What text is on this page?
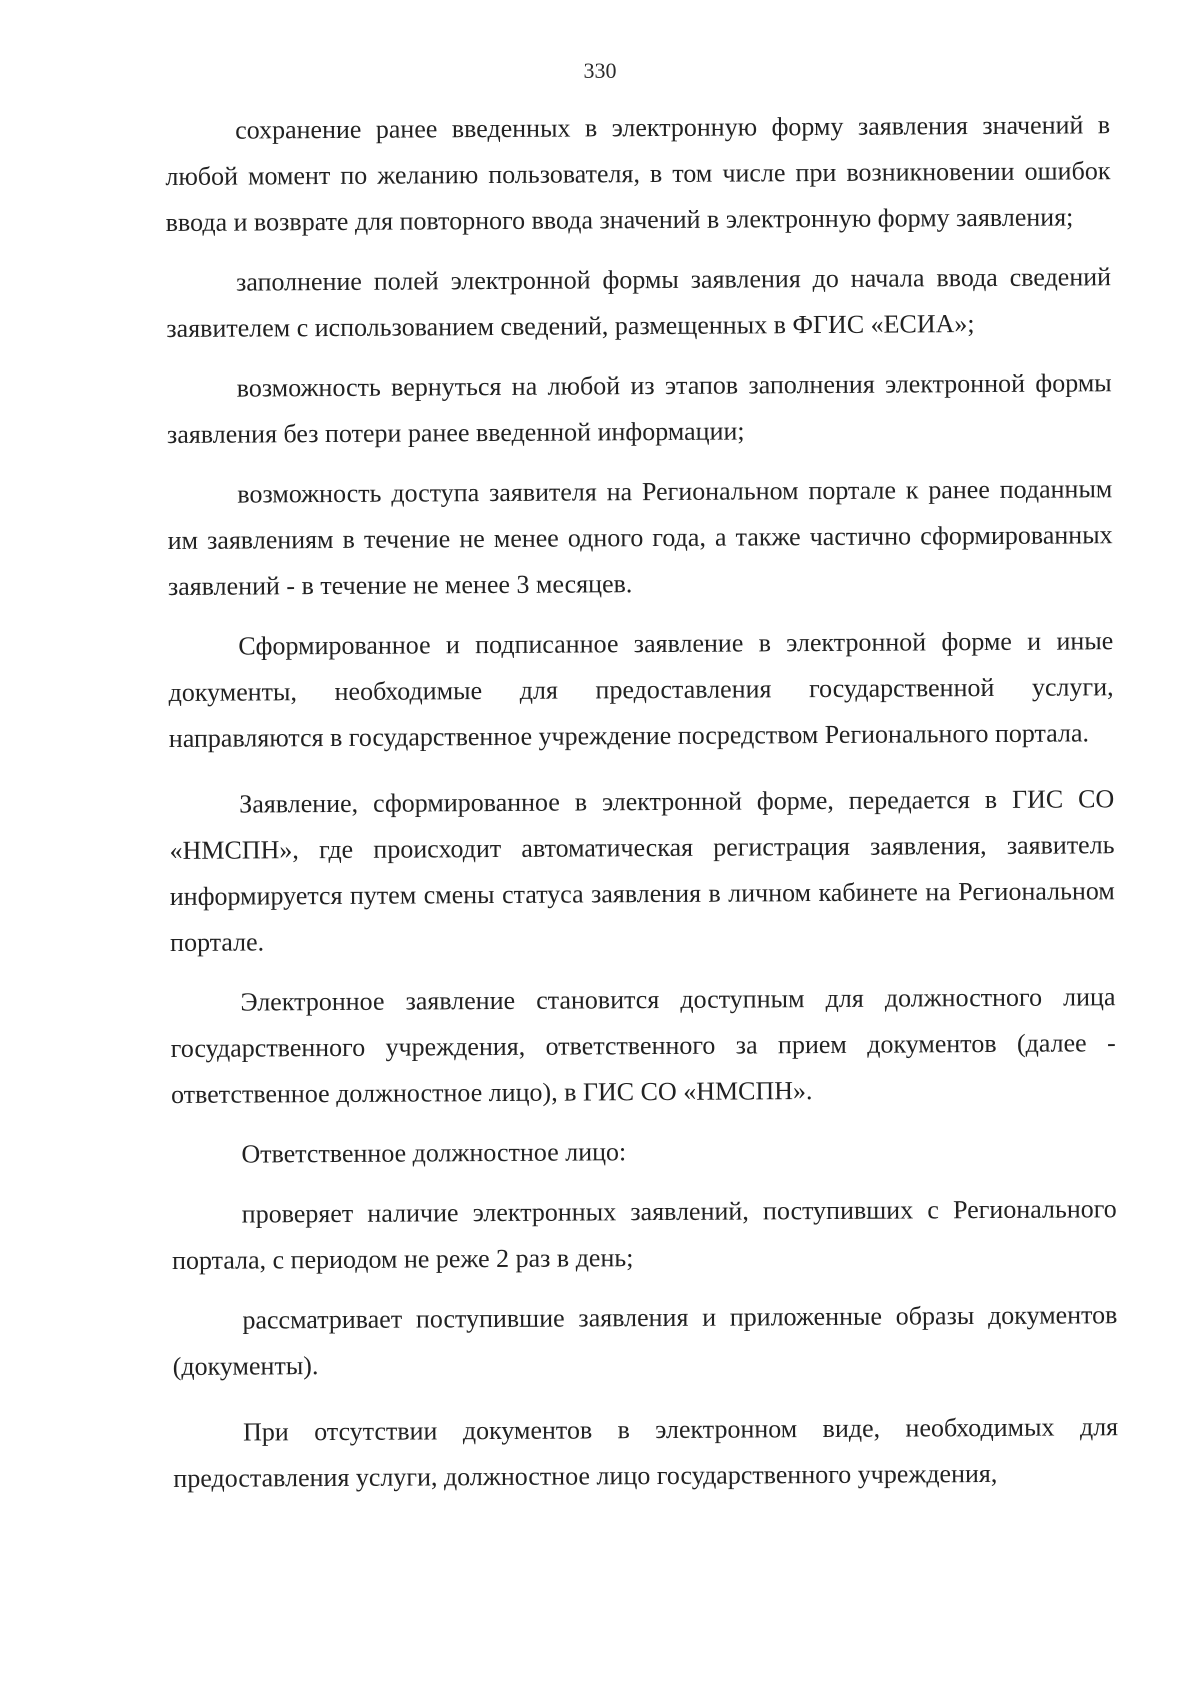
330

сохранение ранее введенных в электронную форму заявления значений в любой момент по желанию пользователя, в том числе при возникновении ошибок ввода и возврате для повторного ввода значений в электронную форму заявления;

заполнение полей электронной формы заявления до начала ввода сведений заявителем с использованием сведений, размещенных в ФГИС «ЕСИА»;

возможность вернуться на любой из этапов заполнения электронной формы заявления без потери ранее введенной информации;

возможность доступа заявителя на Региональном портале к ранее поданным им заявлениям в течение не менее одного года, а также частично сформированных заявлений - в течение не менее 3 месяцев.

Сформированное и подписанное заявление в электронной форме и иные документы, необходимые для предоставления государственной услуги, направляются в государственное учреждение посредством Регионального портала.

Заявление, сформированное в электронной форме, передается в ГИС СО «НМСПН», где происходит автоматическая регистрация заявления, заявитель информируется путем смены статуса заявления в личном кабинете на Региональном портале.

Электронное заявление становится доступным для должностного лица государственного учреждения, ответственного за прием документов (далее - ответственное должностное лицо), в ГИС СО «НМСПН».

Ответственное должностное лицо:

проверяет наличие электронных заявлений, поступивших с Регионального портала, с периодом не реже 2 раз в день;

рассматривает поступившие заявления и приложенные образы документов (документы).

При отсутствии документов в электронном виде, необходимых для предоставления услуги, должностное лицо государственного учреждения,
